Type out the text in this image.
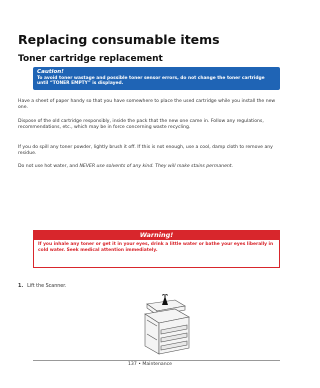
Replacing consumable items
Toner cartridge replacement
Caution!
To avoid toner wastage and possible toner sensor errors, do not change the toner cartridge until “TONER EMPTY” is displayed.

Have a sheet of paper handy so that you have somewhere to place the used cartridge while you install the new one.

Dispose of the old cartridge responsibly, inside the pack that the new one came in. Follow any regulations, recommendations, etc., which may be in force concerning waste recycling.

If you do spill any toner powder, lightly brush it off. If this is not enough, use a cool, damp cloth to remove any residue.

Do not use hot water, and NEVER use solvents of any kind. They will make stains permanent.

Warning!
If you inhale any toner or get it in your eyes, drink a little water or bathe your eyes liberally in cold water. Seek medical attention immediately.
1. Lift the Scanner.
137 • Maintenance
